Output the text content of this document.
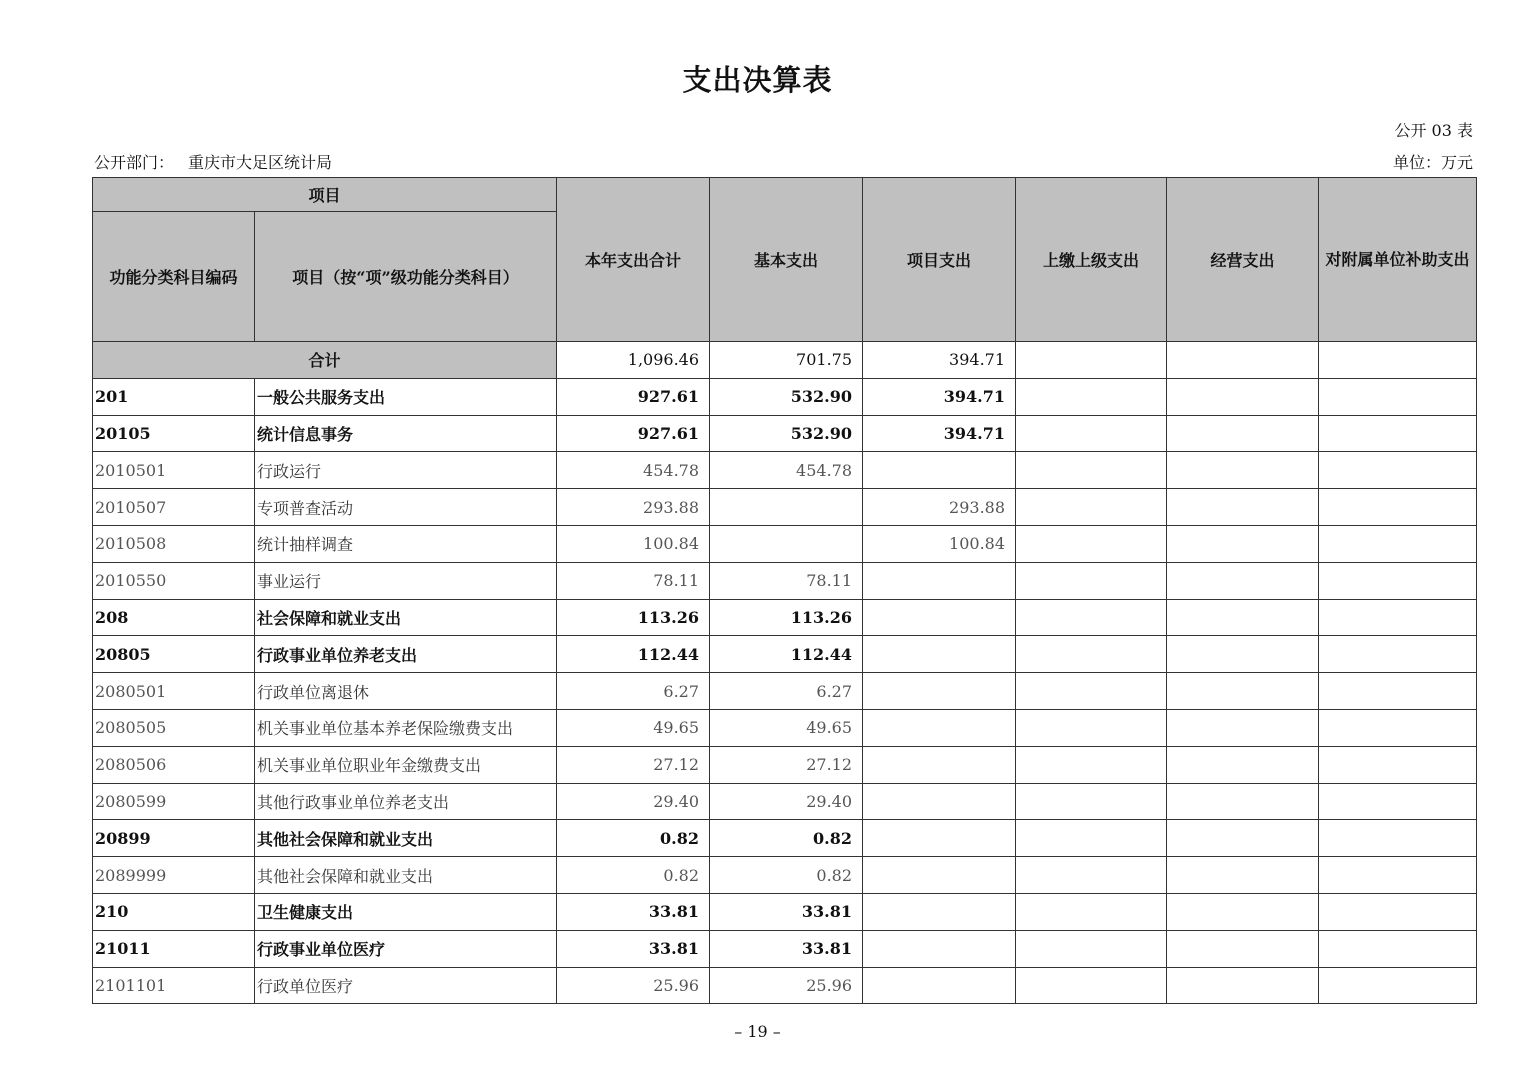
支出决算表
公开 03 表
公开部门： 重庆市大足区统计局	单位：万元
项目		本年支出合计	基本支出	项目支出	上缴上级支出	经营支出	对附属单位补助支出
功能分类科目编码	项目（按“项”级功能分类科目）						
合计		1,096.46	701.75	394.71			
201	一般公共服务支出	927.61	532.90	394.71			
20105	统计信息事务	927.61	532.90	394.71			
2010501	行政运行	454.78	454.78				
2010507	专项普查活动	293.88		293.88			
2010508	统计抽样调查	100.84		100.84			
2010550	事业运行	78.11	78.11				
208	社会保障和就业支出	113.26	113.26				
20805	行政事业单位养老支出	112.44	112.44				
2080501	行政单位离退休	6.27	6.27				
2080505	机关事业单位基本养老保险缴费支出	49.65	49.65				
2080506	机关事业单位职业年金缴费支出	27.12	27.12				
2080599	其他行政事业单位养老支出	29.40	29.40				
20899	其他社会保障和就业支出	0.82	0.82				
2089999	其他社会保障和就业支出	0.82	0.82				
210	卫生健康支出	33.81	33.81				
21011	行政事业单位医疗	33.81	33.81				
2101101	行政单位医疗	25.96	25.96				
– 19 –
